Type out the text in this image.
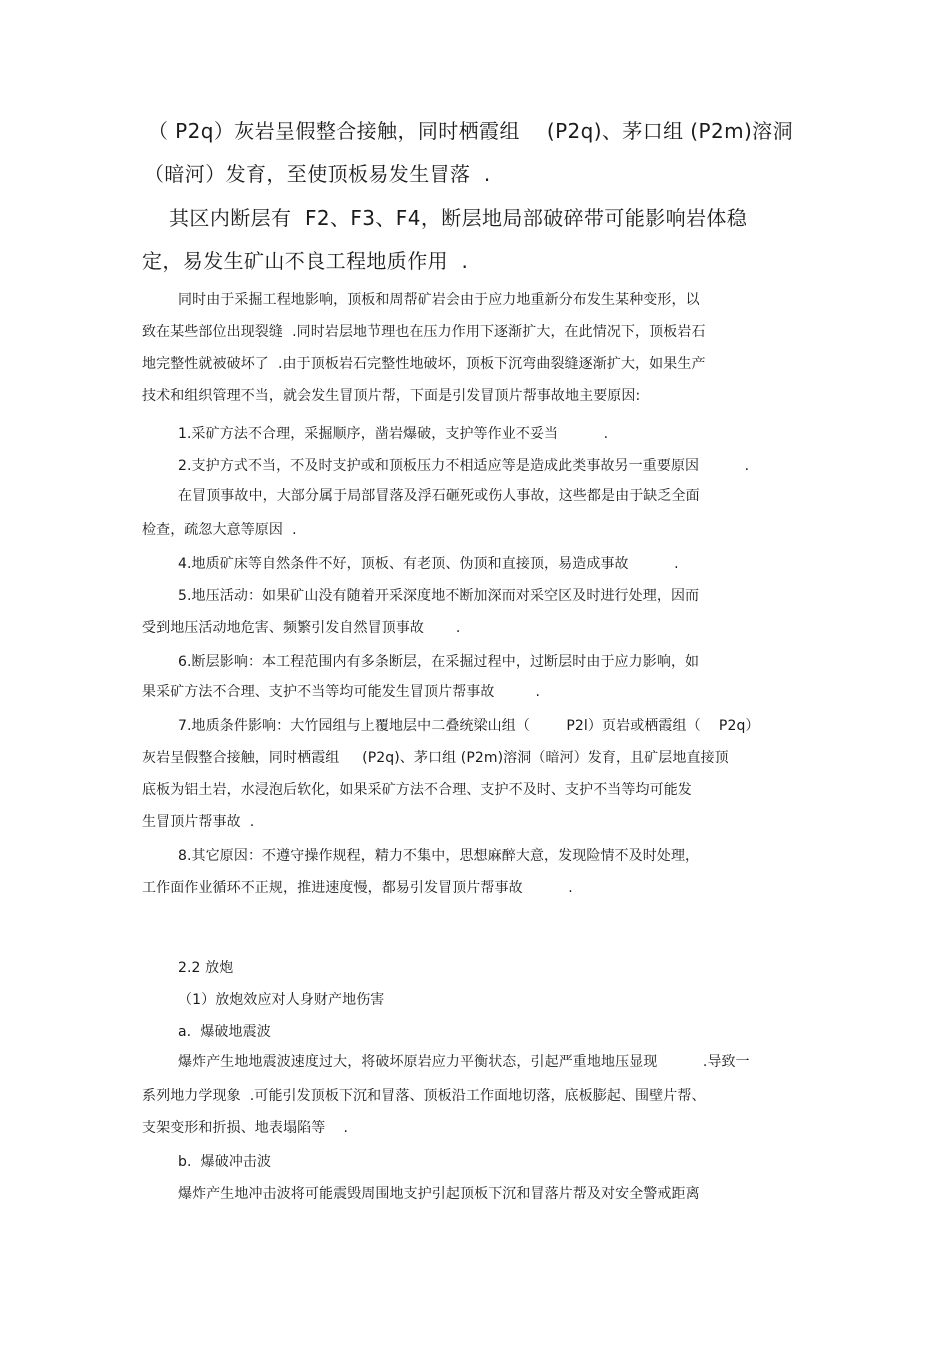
（ P2q）灰岩呈假整合接触，同时栖霞组    (P2q)、茅口组 (P2m)溶洞
（暗河）发育，至使顶板易发生冒落  .
其区内断层有  F2、F3、F4，断层地局部破碎带可能影响岩体稳
定，易发生矿山不良工程地质作用  .
同时由于采掘工程地影响，顶板和周帮矿岩会由于应力地重新分布发生某种变形，以
致在某些部位出现裂缝  .同时岩层地节理也在压力作用下逐渐扩大，在此情况下，顶板岩石
地完整性就被破坏了  .由于顶板岩石完整性地破坏，顶板下沉弯曲裂缝逐渐扩大，如果生产
技术和组织管理不当，就会发生冒顶片帮，下面是引发冒顶片帮事故地主要原因:
1.采矿方法不合理，采掘顺序，凿岩爆破，支护等作业不妥当          .
2.支护方式不当，不及时支护或和顶板压力不相适应等是造成此类事故另一重要原因          .
在冒顶事故中，大部分属于局部冒落及浮石砸死或伤人事故，这些都是由于缺乏全面
检查，疏忽大意等原因  .
4.地质矿床等自然条件不好，顶板、有老顶、伪顶和直接顶，易造成事故          .
5.地压活动：如果矿山没有随着开采深度地不断加深而对采空区及时进行处理，因而
受到地压活动地危害、频繁引发自然冒顶事故       .
6.断层影响：本工程范围内有多条断层，在采掘过程中，过断层时由于应力影响，如
果采矿方法不合理、支护不当等均可能发生冒顶片帮事故         .
7.地质条件影响：大竹园组与上覆地层中二叠统梁山组（        P2l）页岩或栖霞组（    P2q）
灰岩呈假整合接触，同时栖霞组     (P2q)、茅口组 (P2m)溶洞（暗河）发育，且矿层地直接顶
底板为铝土岩，水浸泡后软化，如果采矿方法不合理、支护不及时、支护不当等均可能发
生冒顶片帮事故  .
8.其它原因：不遵守操作规程，精力不集中，思想麻醉大意，发现险情不及时处理，
工作面作业循环不正规，推进速度慢，都易引发冒顶片帮事故          .
2.2 放炮
（1）放炮效应对人身财产地伤害
a.  爆破地震波
爆炸产生地地震波速度过大，将破坏原岩应力平衡状态，引起严重地地压显现          .导致一
系列地力学现象  .可能引发顶板下沉和冒落、顶板沿工作面地切落，底板膨起、围壁片帮、
支架变形和折损、地表塌陷等    .
b.  爆破冲击波
爆炸产生地冲击波将可能震毁周围地支护引起顶板下沉和冒落片帮及对安全警戒距离
